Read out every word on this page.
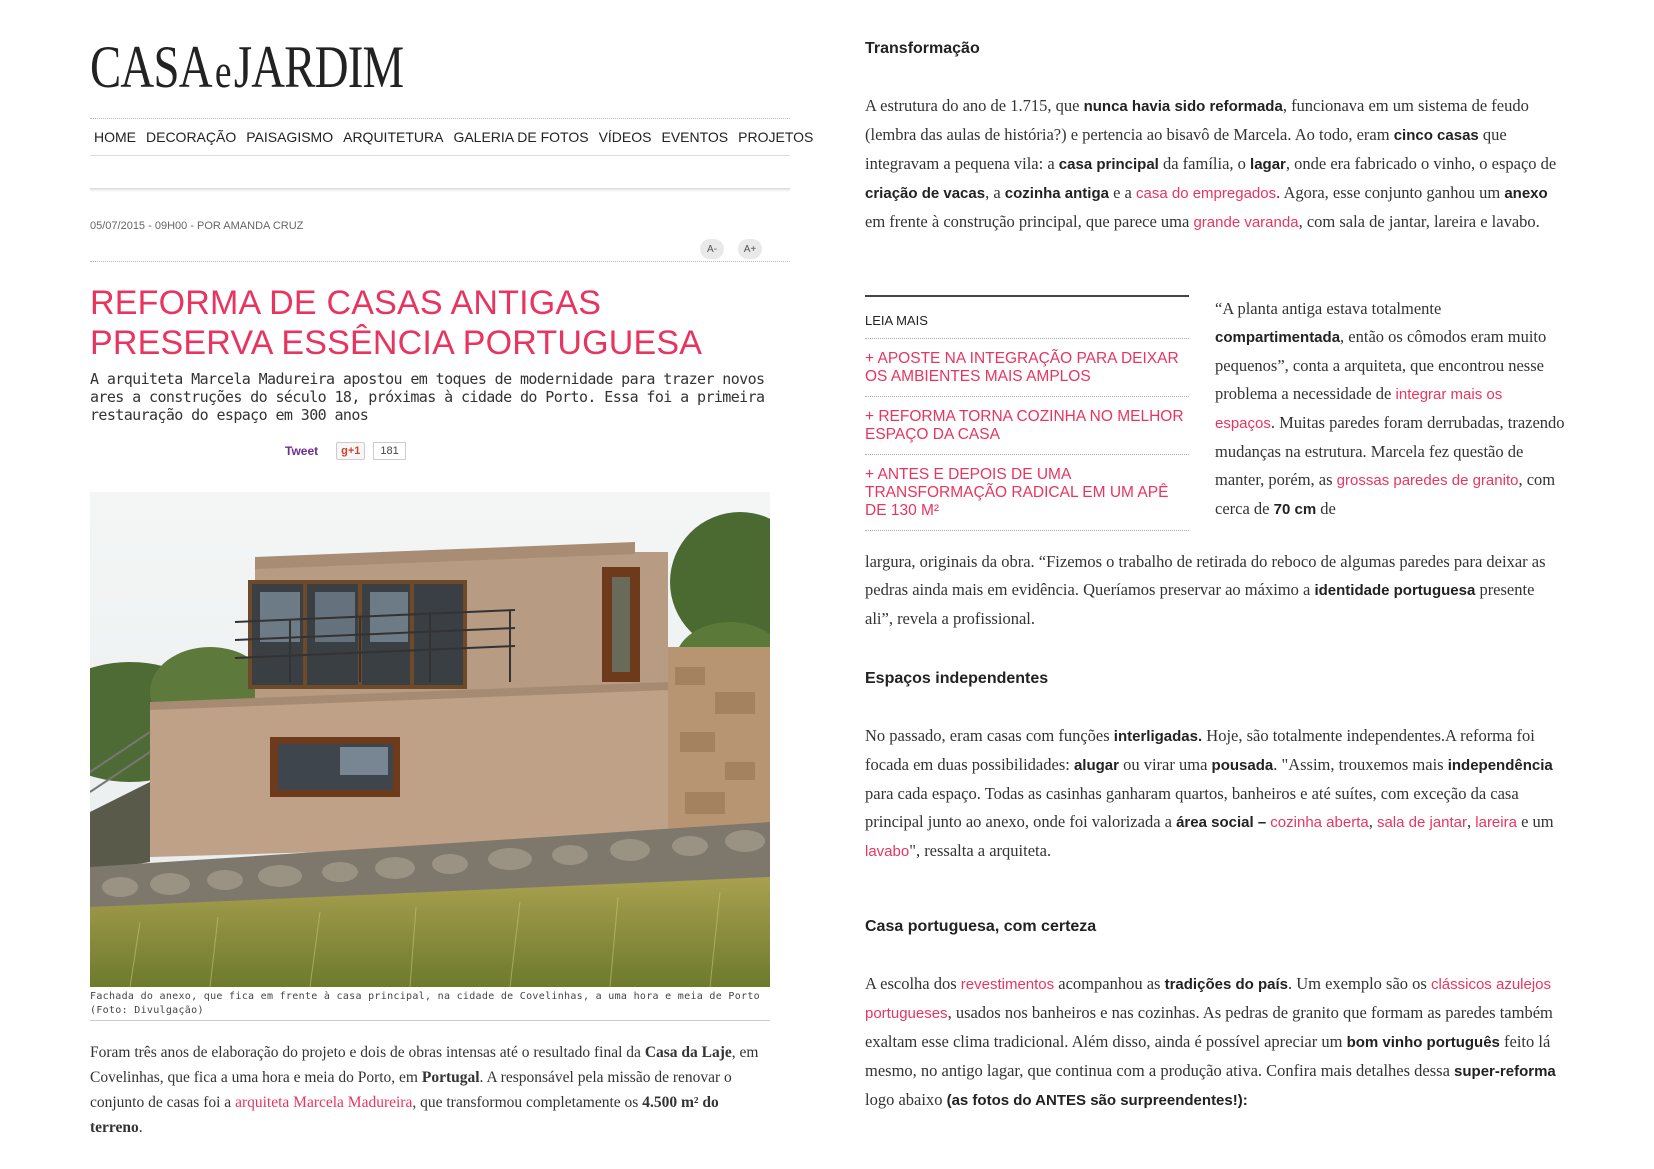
CASA e JARDIM
HOME DECORAÇÃO PAISAGISMO ARQUITETURA GALERIA DE FOTOS VÍDEOS EVENTOS PROJETOS
05/07/2015 - 09H00 - POR AMANDA CRUZ
A-	A+
REFORMA DE CASAS ANTIGAS PRESERVA ESSÊNCIA PORTUGUESA
A arquiteta Marcela Madureira apostou em toques de modernidade para trazer novos ares a construções do século 18, próximas à cidade do Porto. Essa foi a primeira restauração do espaço em 300 anos
Tweet	g+1	181
Fachada do anexo, que fica em frente à casa principal, na cidade de Covelinhas, a uma hora e meia de Porto (Foto: Divulgação)
Foram três anos de elaboração do projeto e dois de obras intensas até o resultado final da Casa da Laje, em Covelinhas, que fica a uma hora e meia do Porto, em Portugal. A responsável pela missão de renovar o conjunto de casas foi a arquiteta Marcela Madureira, que transformou completamente os 4.500 m² do terreno.
Transformação
A estrutura do ano de 1.715, que nunca havia sido reformada, funcionava em um sistema de feudo (lembra das aulas de história?) e pertencia ao bisavô de Marcela. Ao todo, eram cinco casas que integravam a pequena vila: a casa principal da família, o lagar, onde era fabricado o vinho, o espaço de criação de vacas, a cozinha antiga e a casa do empregados. Agora, esse conjunto ganhou um anexo em frente à construção principal, que parece uma grande varanda, com sala de jantar, lareira e lavabo.
LEIA MAIS
+ APOSTE NA INTEGRAÇÃO PARA DEIXAR OS AMBIENTES MAIS AMPLOS
+ REFORMA TORNA COZINHA NO MELHOR ESPAÇO DA CASA
+ ANTES E DEPOIS DE UMA TRANSFORMAÇÃO RADICAL EM UM APÊ DE 130 M²
“A planta antiga estava totalmente compartimentada, então os cômodos eram muito pequenos”, conta a arquiteta, que encontrou nesse problema a necessidade de integrar mais os espaços. Muitas paredes foram derrubadas, trazendo mudanças na estrutura. Marcela fez questão de manter, porém, as grossas paredes de granito, com cerca de 70 cm de
largura, originais da obra. “Fizemos o trabalho de retirada do reboco de algumas paredes para deixar as pedras ainda mais em evidência. Queríamos preservar ao máximo a identidade portuguesa presente ali”, revela a profissional.
Espaços independentes
No passado, eram casas com funções interligadas. Hoje, são totalmente independentes.A reforma foi focada em duas possibilidades: alugar ou virar uma pousada. "Assim, trouxemos mais independência para cada espaço. Todas as casinhas ganharam quartos, banheiros e até suítes, com exceção da casa principal junto ao anexo, onde foi valorizada a área social – cozinha aberta, sala de jantar, lareira e um lavabo", ressalta a arquiteta.
Casa portuguesa, com certeza
A escolha dos revestimentos acompanhou as tradições do país. Um exemplo são os clássicos azulejos portugueses, usados nos banheiros e nas cozinhas. As pedras de granito que formam as paredes também exaltam esse clima tradicional. Além disso, ainda é possível apreciar um bom vinho português feito lá mesmo, no antigo lagar, que continua com a produção ativa. Confira mais detalhes dessa super-reforma logo abaixo (as fotos do ANTES são surpreendentes!):
